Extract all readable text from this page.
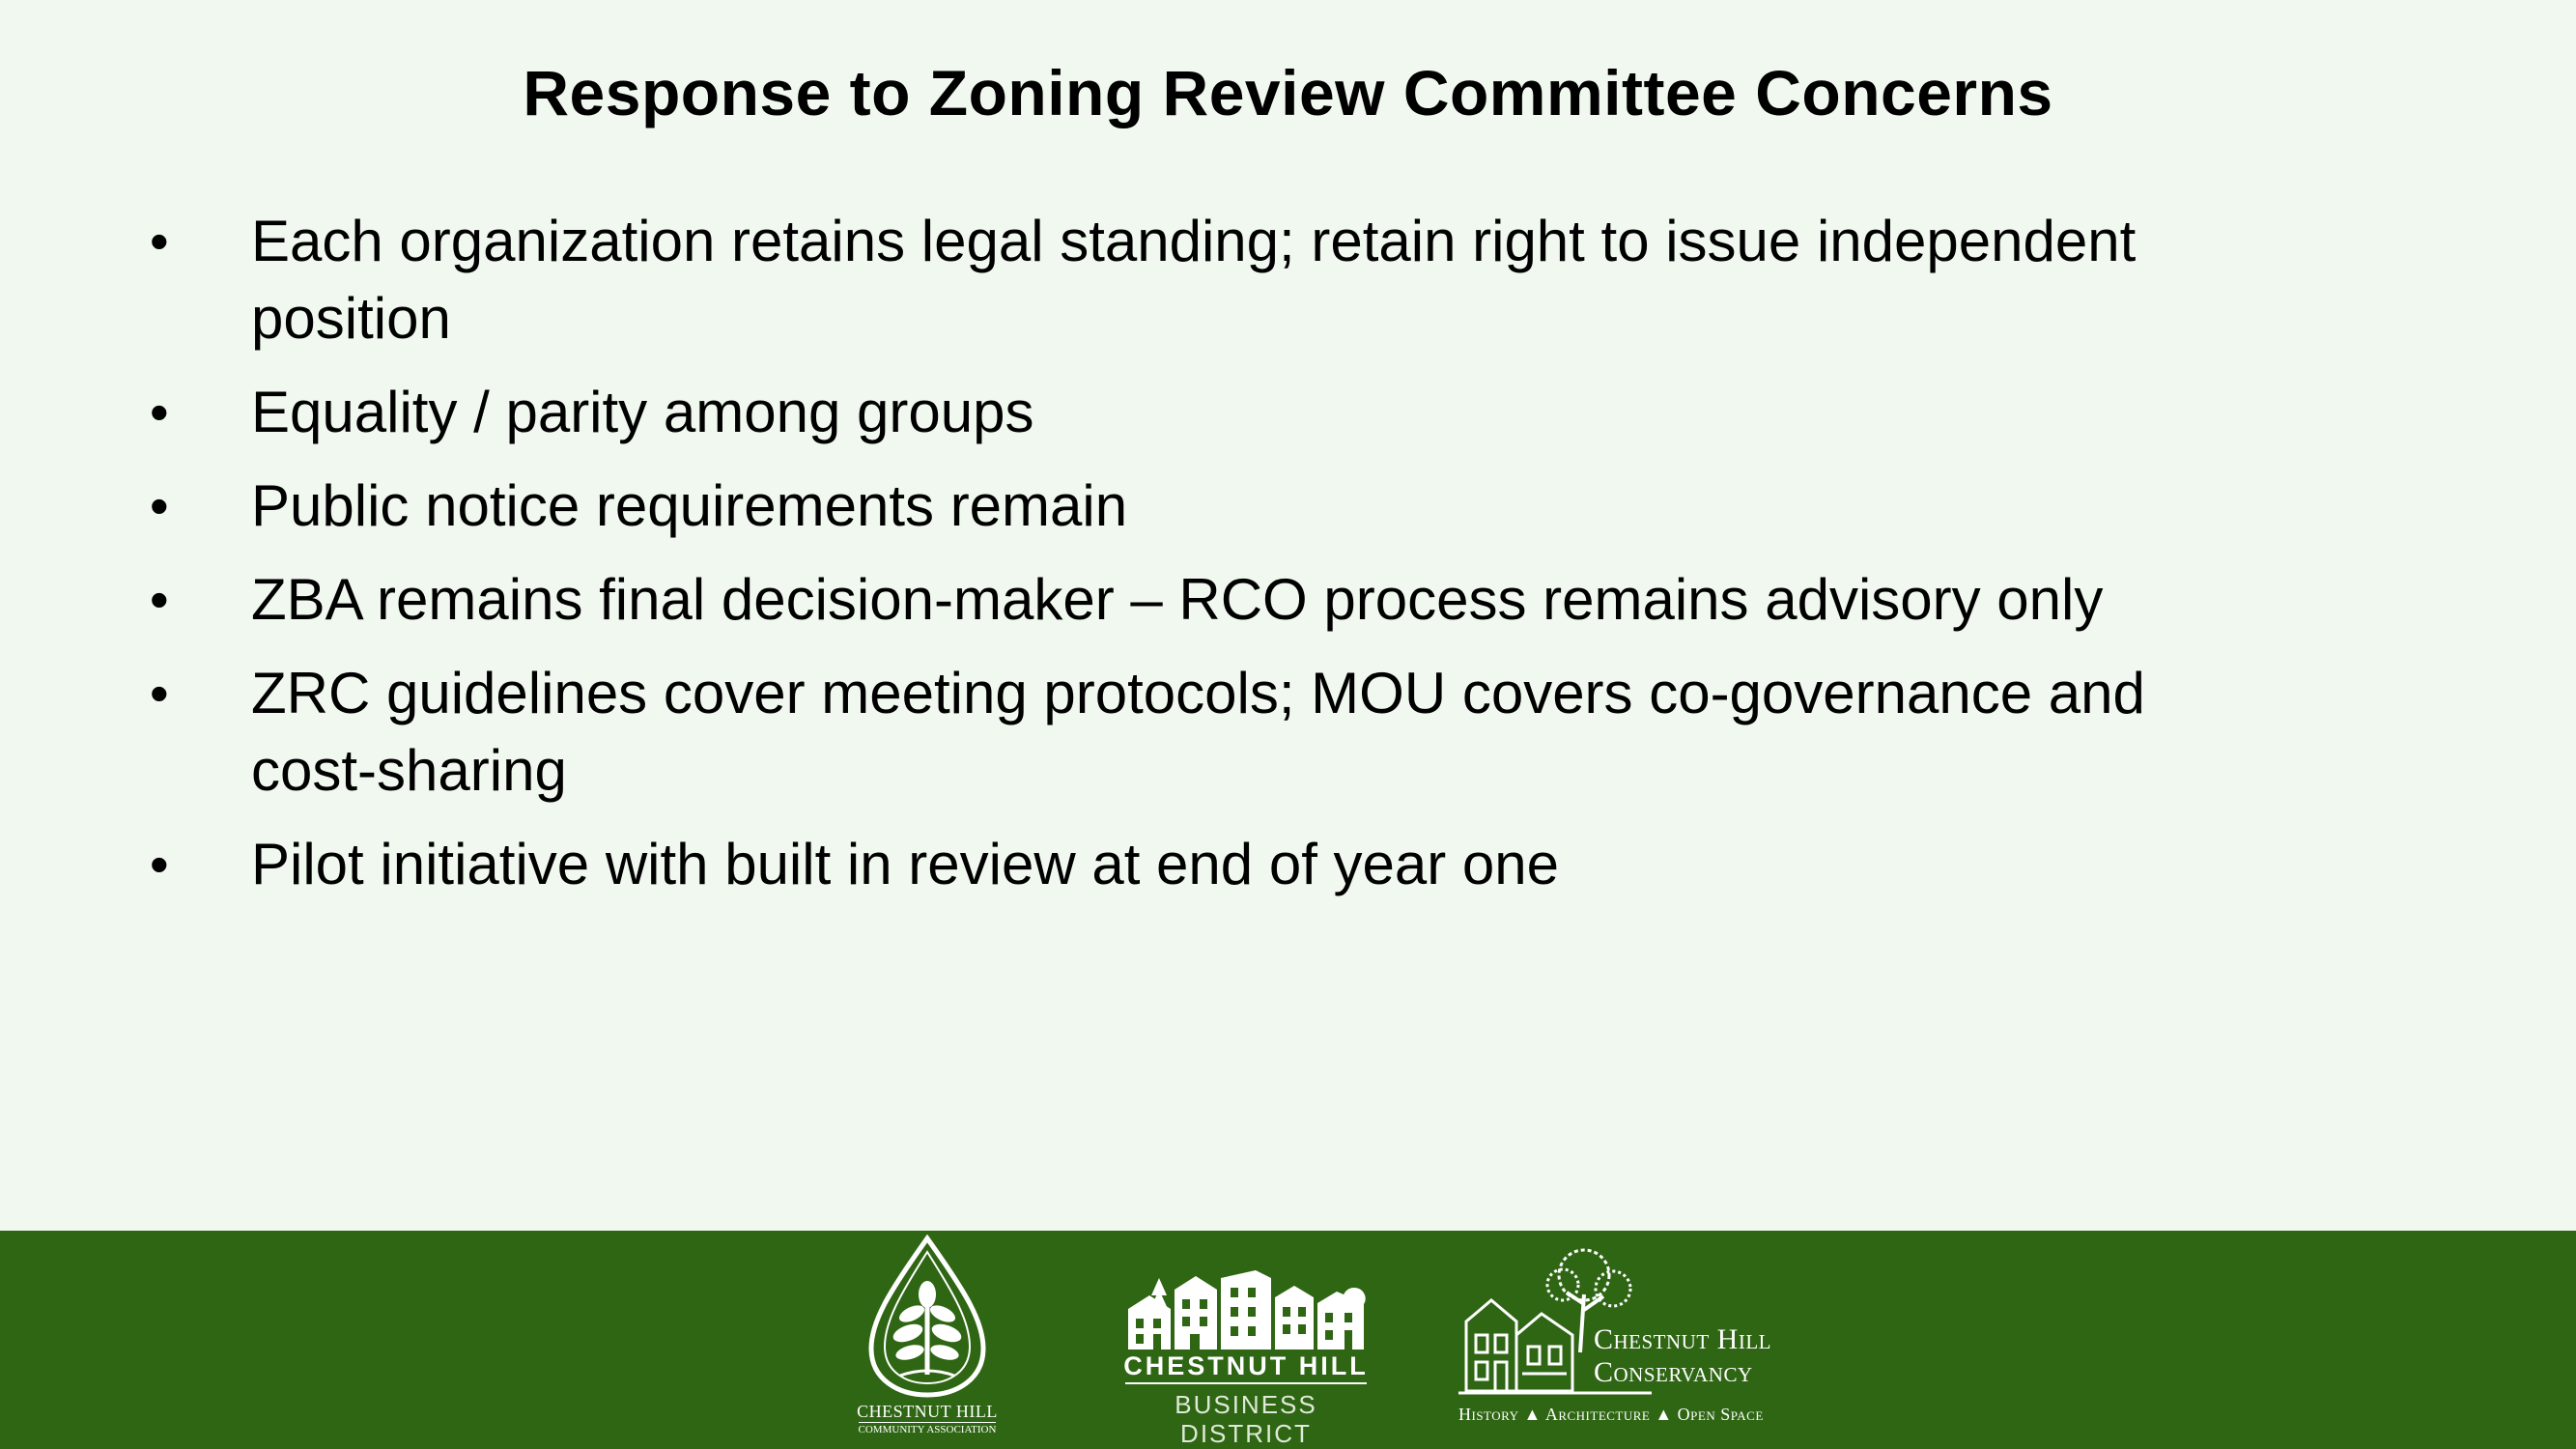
Response to Zoning Review Committee Concerns
•	Each organization retains legal standing; retain right to issue independent
position
•	Equality / parity among groups
•	Public notice requirements remain
•	ZBA remains final decision-maker – RCO process remains advisory only
•	ZRC guidelines cover meeting protocols; MOU covers co-governance and
cost-sharing
•	Pilot initiative with built in review at end of year one
CHESTNUT HILL
COMMUNITY ASSOCIATION
CHESTNUT HILL
BUSINESS DISTRICT
Chestnut Hill
Conservancy
History ▲ Architecture ▲ Open Space
